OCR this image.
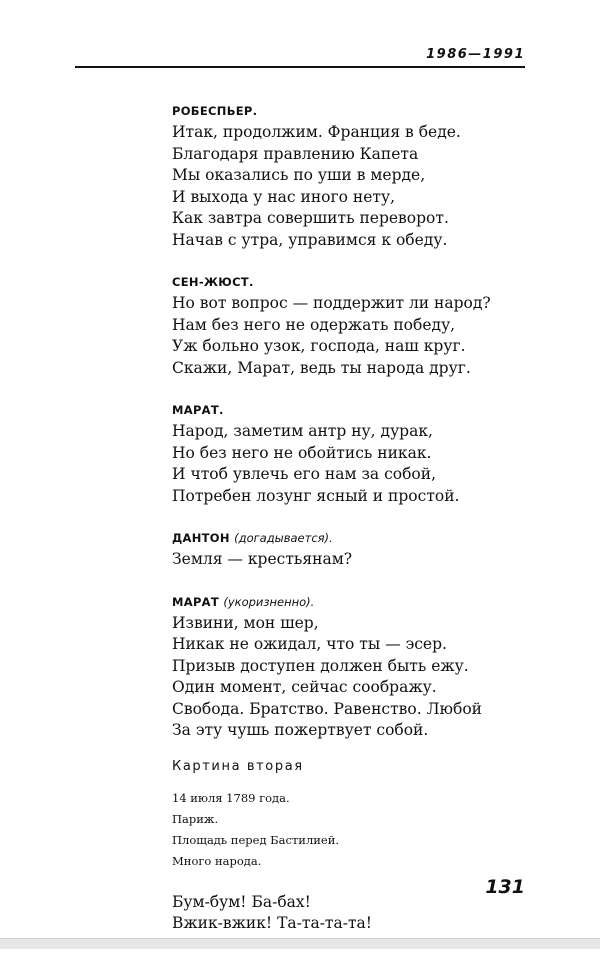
1986—1991
РОБЕСПЬЕР.
Итак, продолжим. Франция в беде.
Благодаря правлению Капета
Мы оказались по уши в мерде,
И выхода у нас иного нету,
Как завтра совершить переворот.
Начав с утра, управимся к обеду.
СЕН-ЖЮСТ.
Но вот вопрос — поддержит ли народ?
Нам без него не одержать победу,
Уж больно узок, господа, наш круг.
Скажи, Марат, ведь ты народа друг.
МАРАТ.
Народ, заметим антр ну, дурак,
Но без него не обойтись никак.
И чтоб увлечь его нам за собой,
Потребен лозунг ясный и простой.
ДАНТОН (догадывается).
Земля — крестьянам?
МАРАТ (укоризненно).
Извини, мон шер,
Никак не ожидал, что ты — эсер.
Призыв доступен должен быть ежу.
Один момент, сейчас соображу.
Свобода. Братство. Равенство. Любой
За эту чушь пожертвует собой.
Картина вторая
14 июля 1789 года.
Париж.
Площадь перед Бастилией.
Много народа.
Бум-бум! Ба-бах!
Вжик-вжик! Та-та-та-та!
131
